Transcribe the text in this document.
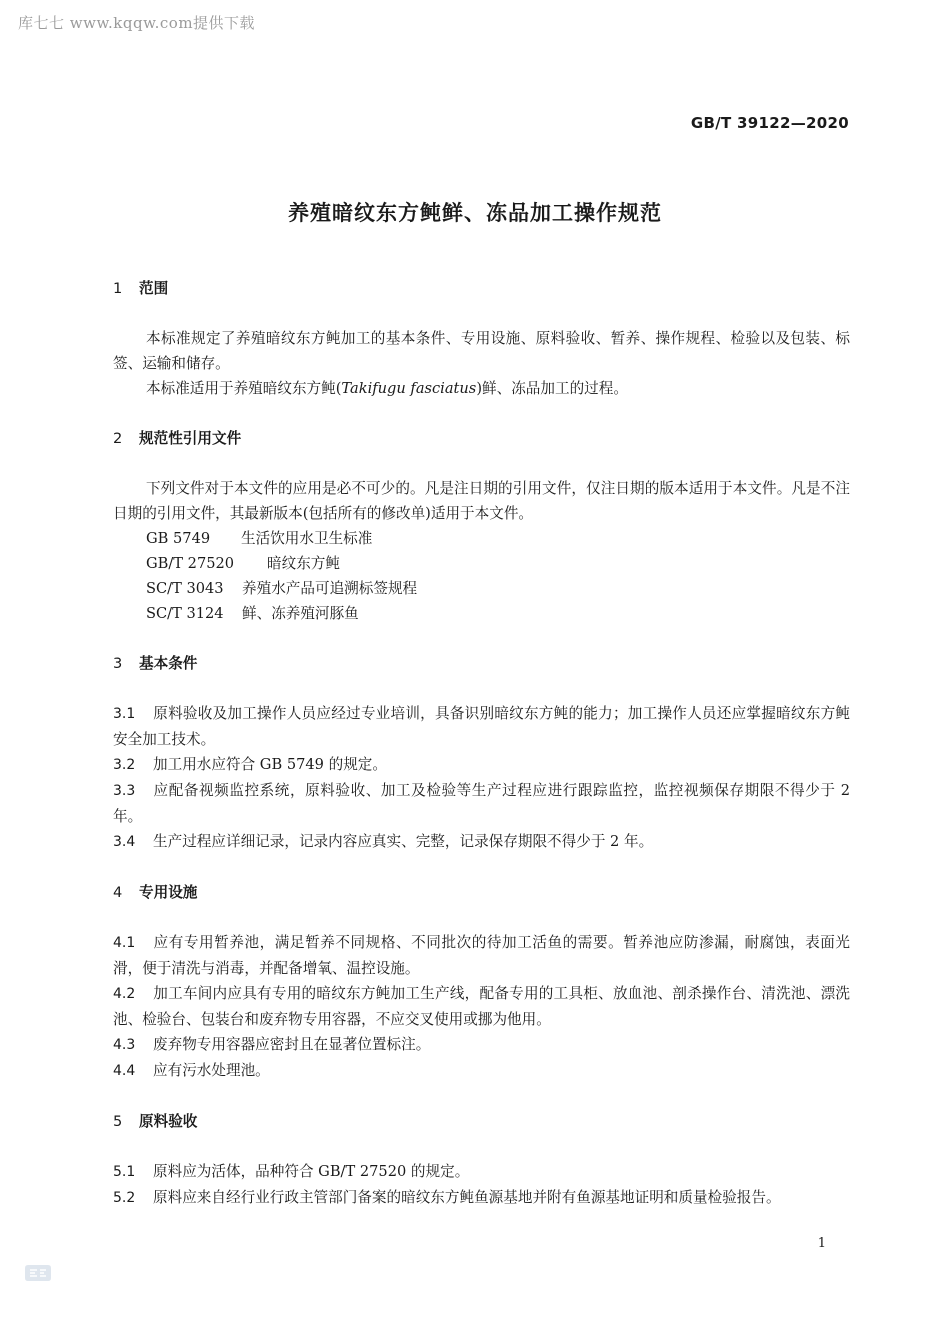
库七七 www.kqqw.com提供下载
GB/T 39122—2020
养殖暗纹东方鲀鲜、冻品加工操作规范
1 范围

本标准规定了养殖暗纹东方鲀加工的基本条件、专用设施、原料验收、暂养、操作规程、检验以及包装、标签、运输和储存。

本标准适用于养殖暗纹东方鲀(Takifugu fasciatus)鲜、冻品加工的过程。

2 规范性引用文件

下列文件对于本文件的应用是必不可少的。凡是注日期的引用文件，仅注日期的版本适用于本文件。凡是不注日期的引用文件，其最新版本(包括所有的修改单)适用于本文件。

GB 5749 生活饮用水卫生标准

GB/T 27520 暗纹东方鲀

SC/T 3043 养殖水产品可追溯标签规程

SC/T 3124 鲜、冻养殖河豚鱼

3 基本条件

3.1 原料验收及加工操作人员应经过专业培训，具备识别暗纹东方鲀的能力；加工操作人员还应掌握暗纹东方鲀安全加工技术。

3.2 加工用水应符合 GB 5749 的规定。

3.3 应配备视频监控系统，原料验收、加工及检验等生产过程应进行跟踪监控，监控视频保存期限不得少于 2 年。

3.4 生产过程应详细记录，记录内容应真实、完整，记录保存期限不得少于 2 年。

4 专用设施

4.1 应有专用暂养池，满足暂养不同规格、不同批次的待加工活鱼的需要。暂养池应防渗漏，耐腐蚀，表面光滑，便于清洗与消毒，并配备增氧、温控设施。

4.2 加工车间内应具有专用的暗纹东方鲀加工生产线，配备专用的工具柜、放血池、剖杀操作台、清洗池、漂洗池、检验台、包装台和废弃物专用容器，不应交叉使用或挪为他用。

4.3 废弃物专用容器应密封且在显著位置标注。

4.4 应有污水处理池。

5 原料验收

5.1 原料应为活体，品种符合 GB/T 27520 的规定。

5.2 原料应来自经行业行政主管部门备案的暗纹东方鲀鱼源基地并附有鱼源基地证明和质量检验报告。

1
